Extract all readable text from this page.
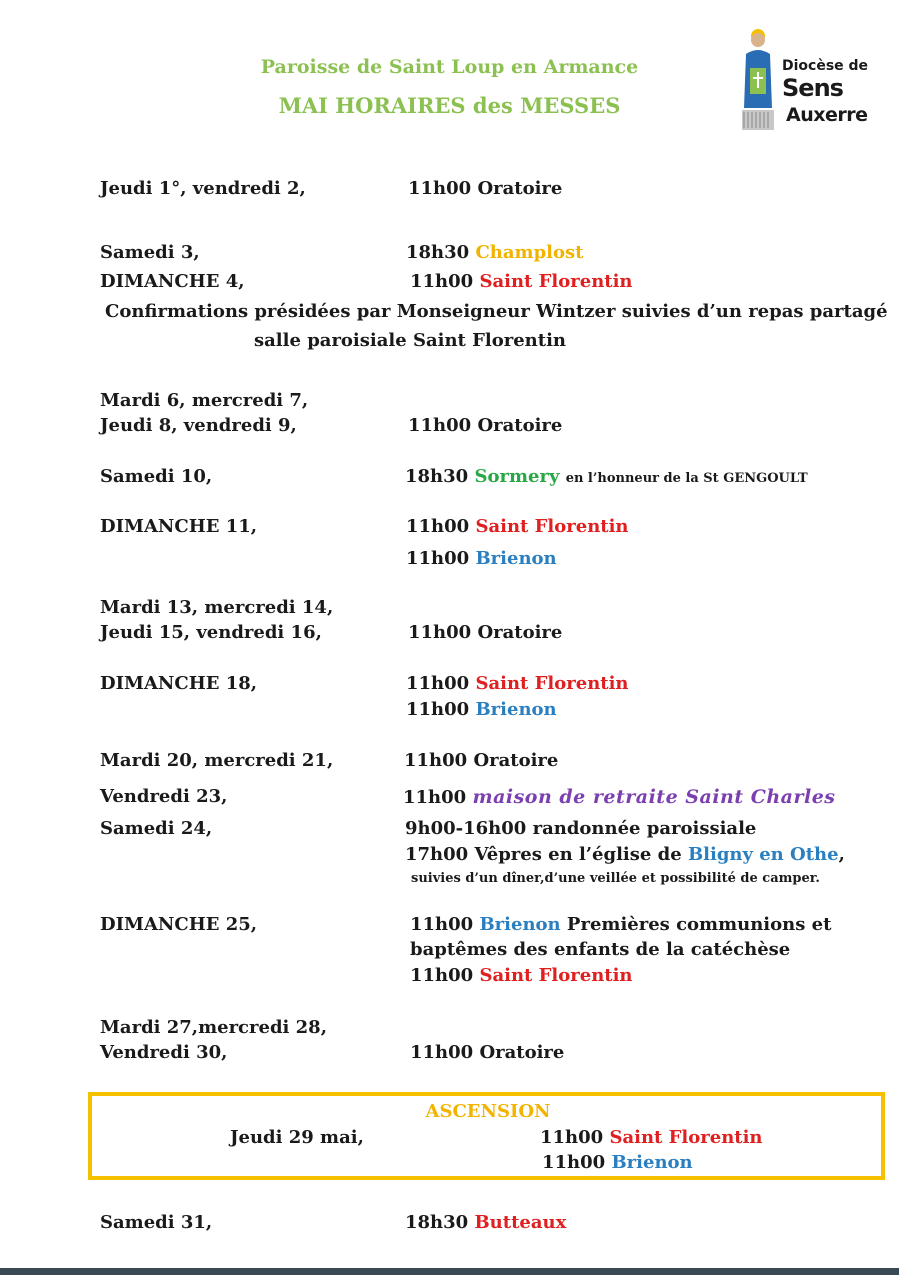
Paroisse de Saint Loup en Armance
MAI HORAIRES des MESSES
Diocèse de
Sens
Auxerre
Jeudi 1°, vendredi 2,	11h00 Oratoire
Samedi 3,	18h30 Champlost
DIMANCHE 4,	11h00 Saint Florentin
Confirmations présidées par Monseigneur Wintzer suivies d’un repas partagé
salle paroisiale Saint Florentin
Mardi 6, mercredi 7,
Jeudi 8, vendredi 9,	11h00 Oratoire
Samedi 10,	18h30 Sormery en l’honneur de la St GENGOULT
DIMANCHE 11,	11h00 Saint Florentin
11h00 Brienon
Mardi 13, mercredi 14,
Jeudi 15, vendredi 16,	11h00 Oratoire
DIMANCHE 18,	11h00 Saint Florentin
11h00 Brienon
Mardi 20, mercredi 21,	11h00 Oratoire
Vendredi 23,	11h00 maison de retraite Saint Charles
Samedi 24,	9h00-16h00 randonnée paroissiale
17h00 Vêpres en l’église de Bligny en Othe,
suivies d’un dîner,d’une veillée et possibilité de camper.
DIMANCHE 25,	11h00 Brienon Premières communions et
baptêmes des enfants de la catéchèse
11h00 Saint Florentin
Mardi 27,mercredi 28,
Vendredi 30,	11h00 Oratoire
ASCENSION
Jeudi 29 mai,	11h00 Saint Florentin
11h00 Brienon
Samedi 31,	18h30 Butteaux
